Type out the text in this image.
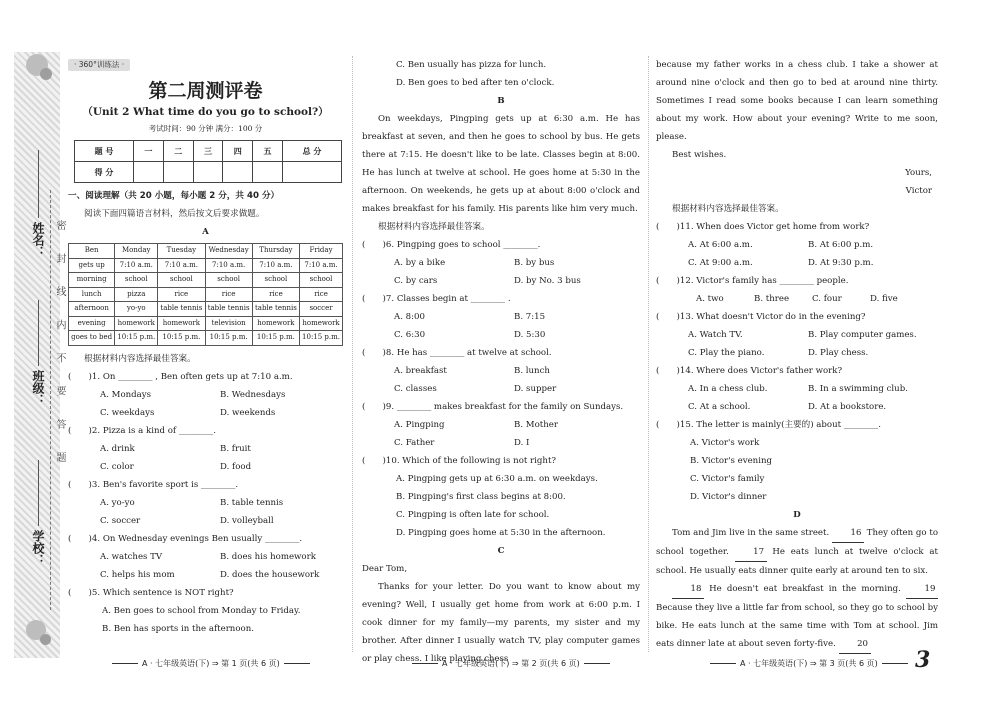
密 封 线 内 不 要 答 题
姓名：
班级：
学校：
· 360°训练法 ·
第二周测评卷
（Unit 2 What time do you go to school?）
考试时间：90 分钟 满分：100 分
题 号	一	二	三	四	五	总 分
得 分						
一、阅读理解（共 20 小题，每小题 2 分，共 40 分）
阅读下面四篇语言材料，然后按文后要求做题。
A
Ben	Monday	Tuesday	Wednesday	Thursday	Friday
gets up	7:10 a.m.	7:10 a.m.	7:10 a.m.	7:10 a.m.	7:10 a.m.
morning	school	school	school	school	school
lunch	pizza	rice	rice	rice	rice
afternoon	yo-yo	table tennis	table tennis	table tennis	soccer
evening	homework	homework	television	homework	homework
goes to bed	10:15 p.m.	10:15 p.m.	10:15 p.m.	10:15 p.m.	10:15 p.m.
根据材料内容选择最佳答案。
(　　)1. On ________ , Ben often gets up at 7:10 a.m.
A. Mondays	B. Wednesdays
C. weekdays	D. weekends
(　　)2. Pizza is a kind of ________.
A. drink	B. fruit
C. color	D. food
(　　)3. Ben's favorite sport is ________.
A. yo-yo	B. table tennis
C. soccer	D. volleyball
(　　)4. On Wednesday evenings Ben usually ________.
A. watches TV	B. does his homework
C. helps his mom	D. does the housework
(　　)5. Which sentence is NOT right?
A. Ben goes to school from Monday to Friday.
B. Ben has sports in the afternoon.
C. Ben usually has pizza for lunch.
D. Ben goes to bed after ten o'clock.
B
On weekdays, Pingping gets up at 6:30 a.m. He has breakfast at seven, and then he goes to school by bus. He gets there at 7:15. He doesn't like to be late. Classes begin at 8:00. He has lunch at twelve at school. He goes home at 5:30 in the afternoon. On weekends, he gets up at about 8:00 o'clock and makes breakfast for his family. His parents like him very much.
根据材料内容选择最佳答案。
(　　)6. Pingping goes to school ________.
A. by a bike	B. by bus
C. by cars	D. by No. 3 bus
(　　)7. Classes begin at ________ .
A. 8:00	B. 7:15
C. 6:30	D. 5:30
(　　)8. He has ________ at twelve at school.
A. breakfast	B. lunch
C. classes	D. supper
(　　)9. ________ makes breakfast for the family on Sundays.
A. Pingping	B. Mother
C. Father	D. I
(　　)10. Which of the following is not right?
A. Pingping gets up at 6:30 a.m. on weekdays.
B. Pingping's first class begins at 8:00.
C. Pingping is often late for school.
D. Pingping goes home at 5:30 in the afternoon.
C
Dear Tom,
Thanks for your letter. Do you want to know about my evening? Well, I usually get home from work at 6:00 p.m. I cook dinner for my family—my parents, my sister and my brother. After dinner I usually watch TV, play computer games or play chess. I like playing chess
because my father works in a chess club. I take a shower at around nine o'clock and then go to bed at around nine thirty. Sometimes I read some books because I can learn something about my work. How about your evening? Write to me soon, please.
Best wishes.
Yours,
Victor
根据材料内容选择最佳答案。
(　　)11. When does Victor get home from work?
A. At 6:00 a.m.	B. At 6:00 p.m.
C. At 9:00 a.m.	D. At 9:30 p.m.
(　　)12. Victor's family has ________ people.
A. two	B. three	C. four	D. five
(　　)13. What doesn't Victor do in the evening?
A. Watch TV.	B. Play computer games.
C. Play the piano.	D. Play chess.
(　　)14. Where does Victor's father work?
A. In a chess club.	B. In a swimming club.
C. At a school.	D. At a bookstore.
(　　)15. The letter is mainly(主要的) about ________.
A. Victor's work
B. Victor's evening
C. Victor's family
D. Victor's dinner
D
Tom and Jim live in the same street. 16 They often go to school together.	17 He eats lunch at twelve o'clock at school. He usually eats dinner quite early at around ten to six.
18 He doesn't eat breakfast in the morning.	19 Because they live a little far from school, so they go to school by bike. He eats lunch at the same time with Tom at school. Jim eats dinner late at about seven forty-five. 20
A · 七年级英语(下) ⇒ 第 1 页(共 6 页)	A · 七年级英语(下) ⇒ 第 2 页(共 6 页)	A · 七年级英语(下) ⇒ 第 3 页(共 6 页)	3
